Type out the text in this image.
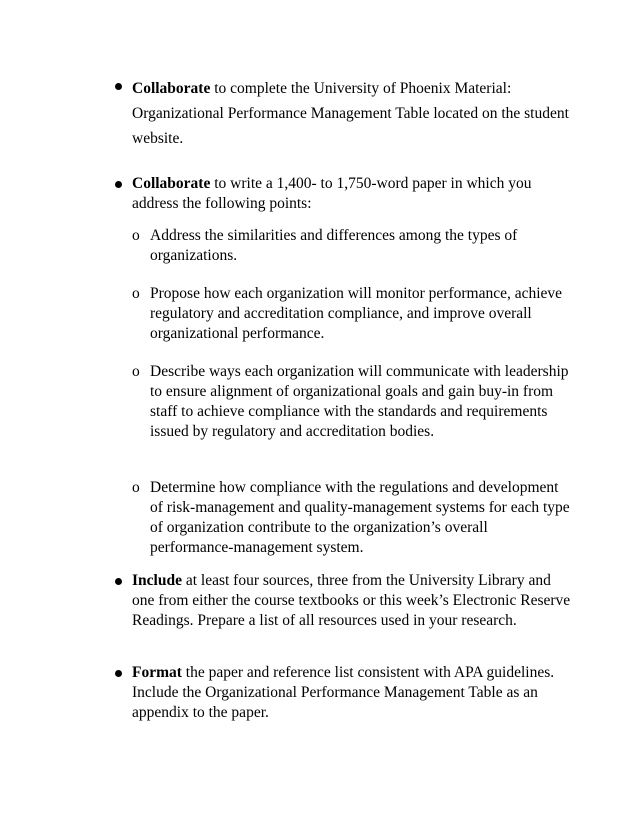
Collaborate to complete the University of Phoenix Material: Organizational Performance Management Table located on the student website.
Collaborate to write a 1,400- to 1,750-word paper in which you address the following points:
o Address the similarities and differences among the types of organizations.
o Propose how each organization will monitor performance, achieve regulatory and accreditation compliance, and improve overall organizational performance.
o Describe ways each organization will communicate with leadership to ensure alignment of organizational goals and gain buy-in from staff to achieve compliance with the standards and requirements issued by regulatory and accreditation bodies.
o Determine how compliance with the regulations and development of risk-management and quality-management systems for each type of organization contribute to the organization’s overall performance-management system.
Include at least four sources, three from the University Library and one from either the course textbooks or this week’s Electronic Reserve Readings. Prepare a list of all resources used in your research.
Format the paper and reference list consistent with APA guidelines. Include the Organizational Performance Management Table as an appendix to the paper.
